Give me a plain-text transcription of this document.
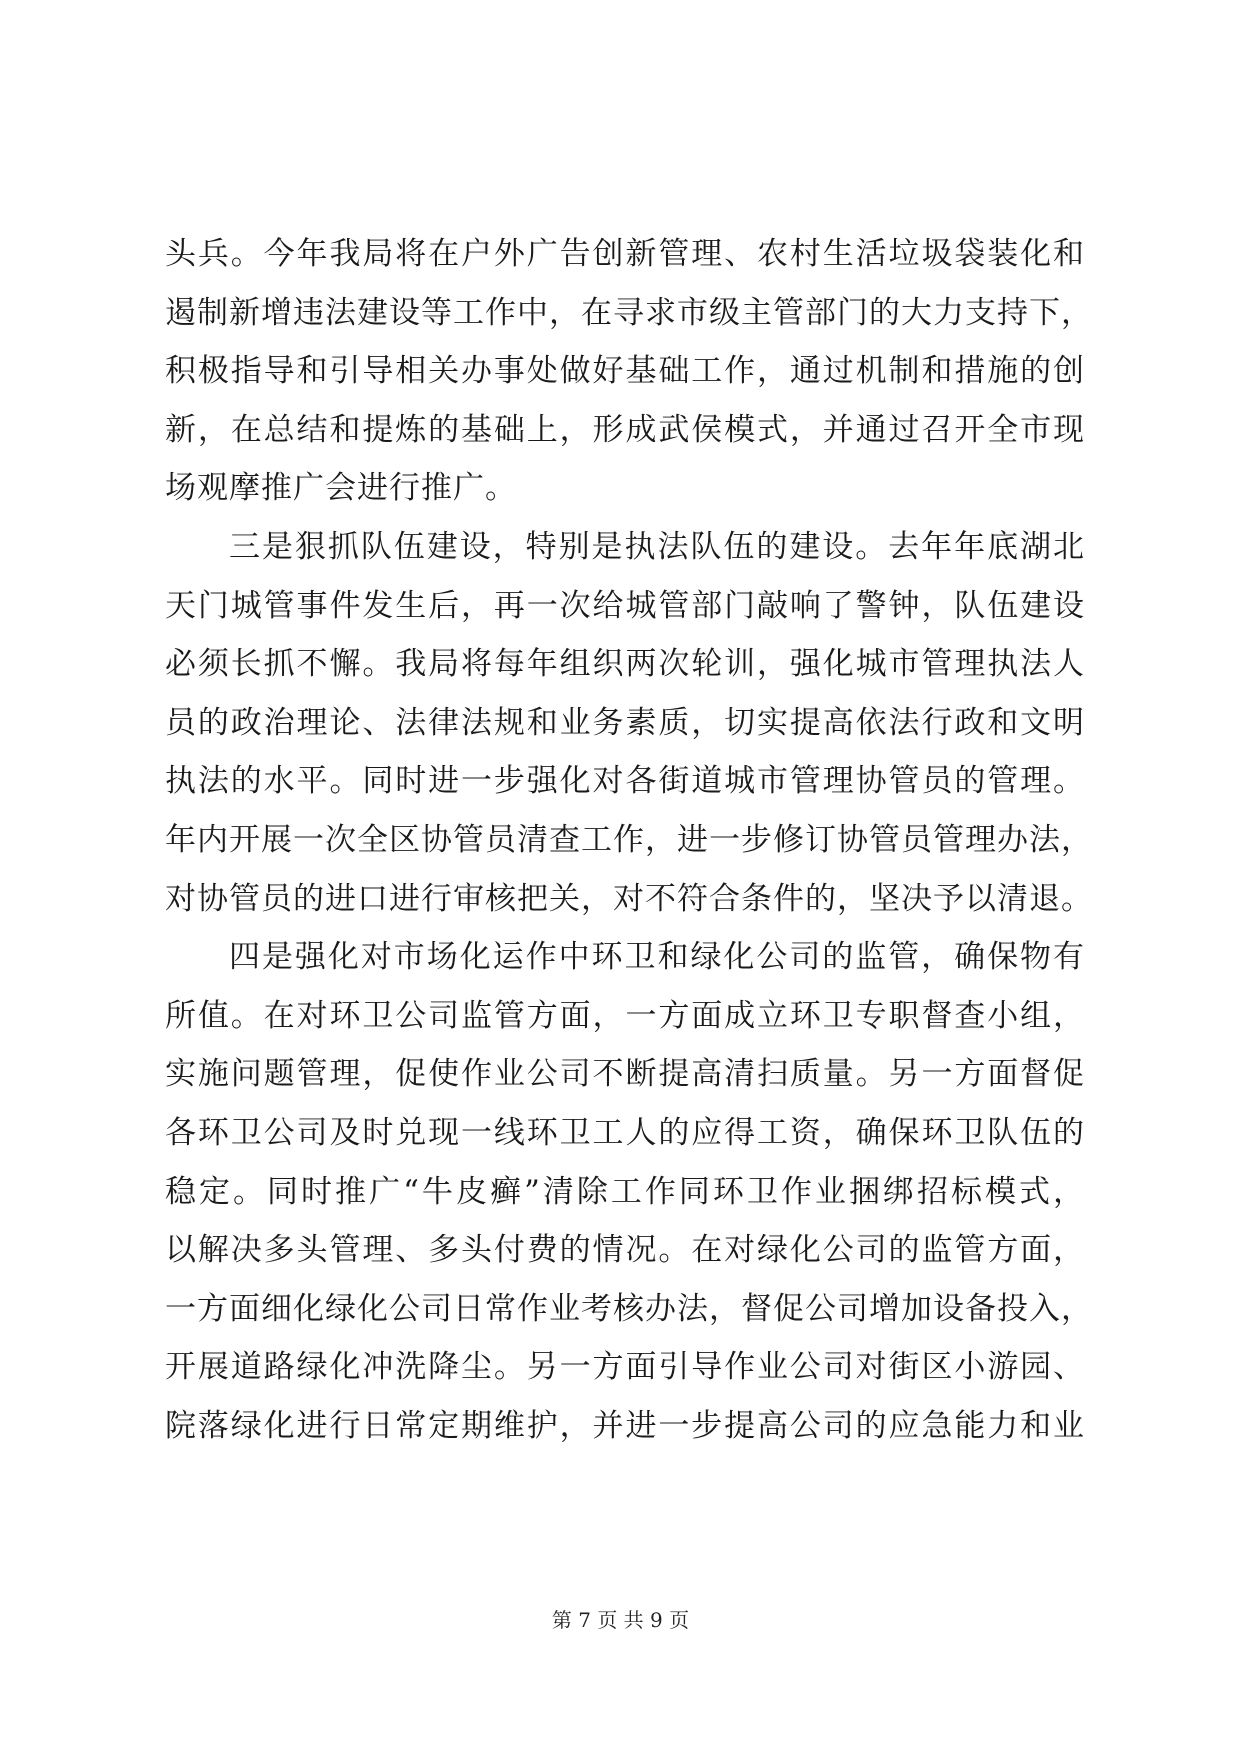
头兵。今年我局将在户外广告创新管理、农村生活垃圾袋装化和
遏制新增违法建设等工作中，在寻求市级主管部门的大力支持下，
积极指导和引导相关办事处做好基础工作，通过机制和措施的创
新，在总结和提炼的基础上，形成武侯模式，并通过召开全市现
场观摩推广会进行推广。
三是狠抓队伍建设，特别是执法队伍的建设。去年年底湖北
天门城管事件发生后，再一次给城管部门敲响了警钟，队伍建设
必须长抓不懈。我局将每年组织两次轮训，强化城市管理执法人
员的政治理论、法律法规和业务素质，切实提高依法行政和文明
执法的水平。同时进一步强化对各街道城市管理协管员的管理。
年内开展一次全区协管员清查工作，进一步修订协管员管理办法，
对协管员的进口进行审核把关，对不符合条件的，坚决予以清退。
四是强化对市场化运作中环卫和绿化公司的监管，确保物有
所值。在对环卫公司监管方面，一方面成立环卫专职督查小组，
实施问题管理，促使作业公司不断提高清扫质量。另一方面督促
各环卫公司及时兑现一线环卫工人的应得工资，确保环卫队伍的
稳定。同时推广“牛皮癣”清除工作同环卫作业捆绑招标模式，
以解决多头管理、多头付费的情况。在对绿化公司的监管方面，
一方面细化绿化公司日常作业考核办法，督促公司增加设备投入，
开展道路绿化冲洗降尘。另一方面引导作业公司对街区小游园、
院落绿化进行日常定期维护，并进一步提高公司的应急能力和业
第 7 页 共 9 页
